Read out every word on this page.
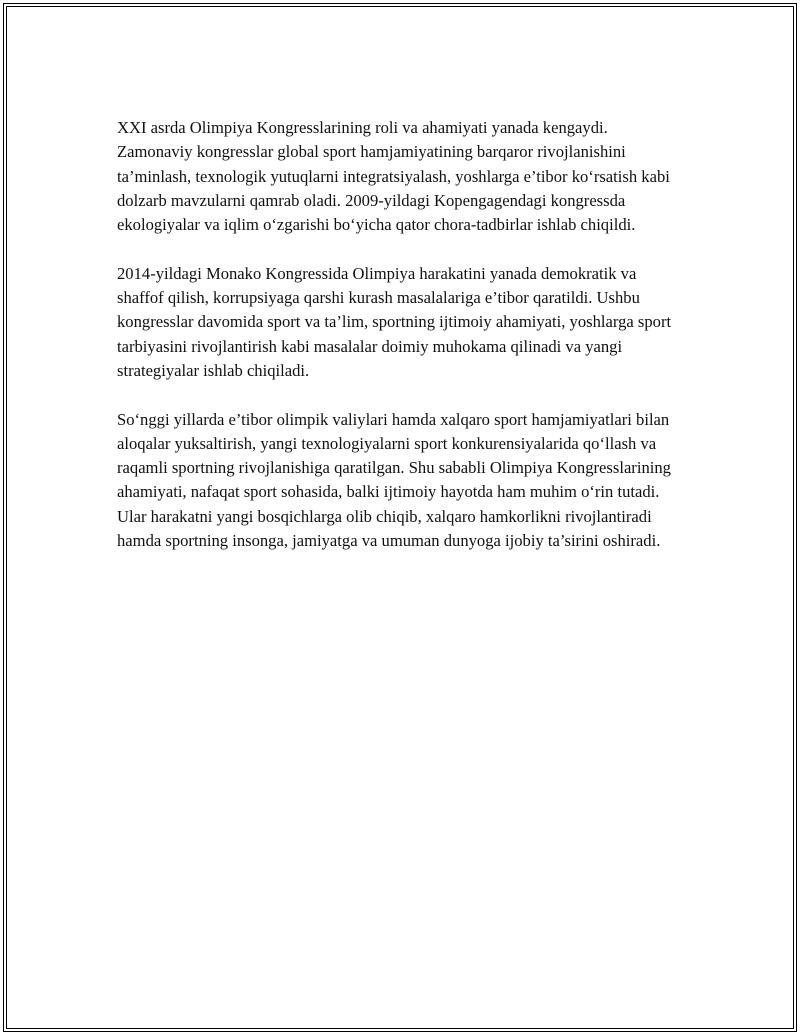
XXI asrda Olimpiya Kongresslarining roli va ahamiyati yanada kengaydi. Zamonaviy kongresslar global sport hamjamiyatining barqaror rivojlanishini ta’minlash, texnologik yutuqlarni integratsiyalash, yoshlarga e’tibor ko‘rsatish kabi dolzarb mavzularni qamrab oladi. 2009-yildagi Kopengagendagi kongressda ekologiyalar va iqlim o‘zgarishi bo‘yicha qator chora-tadbirlar ishlab chiqildi.

2014-yildagi Monako Kongressida Olimpiya harakatini yanada demokratik va shaffof qilish, korrupsiyaga qarshi kurash masalalariga e’tibor qaratildi. Ushbu kongresslar davomida sport va ta’lim, sportning ijtimoiy ahamiyati, yoshlarga sport tarbiyasini rivojlantirish kabi masalalar doimiy muhokama qilinadi va yangi strategiyalar ishlab chiqiladi.

So‘nggi yillarda e’tibor olimpik valiylari hamda xalqaro sport hamjamiyatlari bilan aloqalar yuksaltirish, yangi texnologiyalarni sport konkurensiyalarida qo‘llash va raqamli sportning rivojlanishiga qaratilgan. Shu sababli Olimpiya Kongresslarining ahamiyati, nafaqat sport sohasida, balki ijtimoiy hayotda ham muhim o‘rin tutadi. Ular harakatni yangi bosqichlarga olib chiqib, xalqaro hamkorlikni rivojlantiradi hamda sportning insonga, jamiyatga va umuman dunyoga ijobiy ta’sirini oshiradi.
